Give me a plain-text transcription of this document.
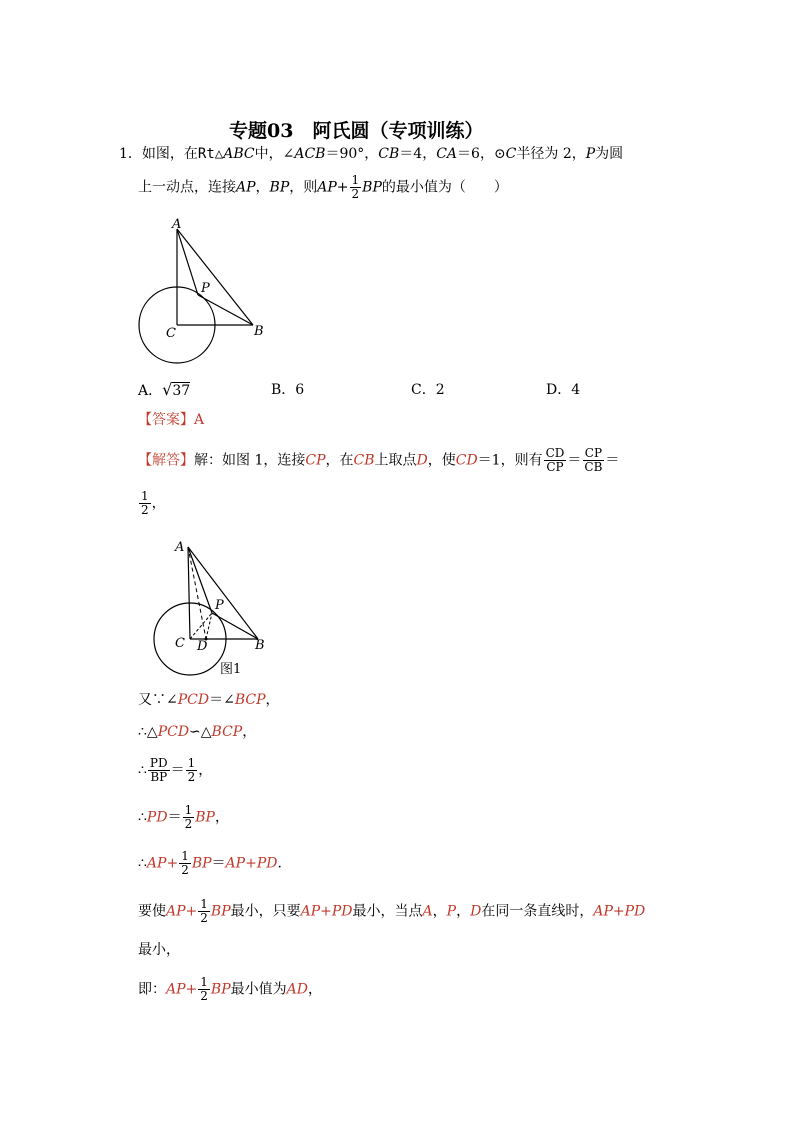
专题03　阿氏圆（专项训练）
1．如图，在Rt△ABC中，∠ACB＝90°，CB＝4，CA＝6，⊙C半径为 2，P为圆
上一动点，连接AP，BP，则$AP+ \frac{1}{2}$ BP的最小值为（　　）
A
P
C	B
A．√37	B．6	C．2	D．4
【答案】A
【解答】解：如图 1，连接CP，在CB上取点D，使CD＝1，则有 $\frac{CD}{CP} = \frac{CP}{CB}$ ＝
$\frac{1}{2}$ ，
A
P
C D	B
图1
又∵∠PCD＝∠BCP，
∴△PCD∽△BCP，
∴ $\frac{PD}{BP} = \frac{1}{2}$ ，
∴PD＝ $\frac{1}{2}$ BP，
∴AP+ $\frac{1}{2} BP=AP+PD$．
要使$AP+ \frac{1}{2}$ BP最小，只要AP+PD最小，当点A，P，D在同一条直线时，AP+PD
最小，
即：$AP+ \frac{1}{2}$ BP最小值为AD，
